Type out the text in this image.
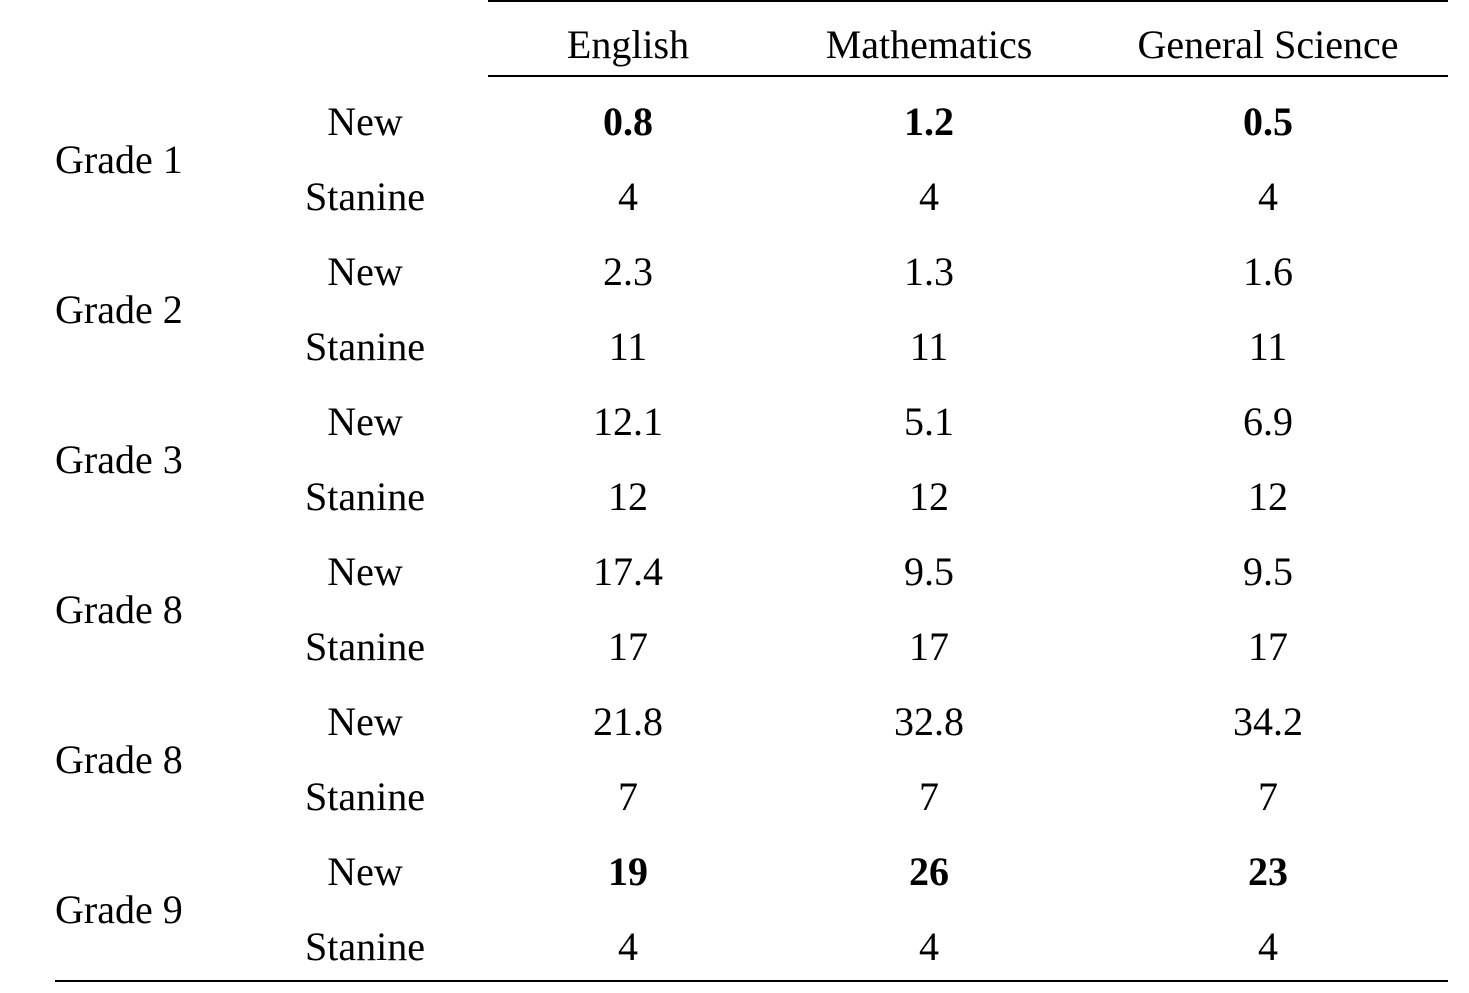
English	Mathematics	General Science
Grade 1
New	0.8	1.2	0.5
Stanine	4	4	4
Grade 2
New	2.3	1.3	1.6
Stanine	11	11	11
Grade 3
New	12.1	5.1	6.9
Stanine	12	12	12
Grade 8
New	17.4	9.5	9.5
Stanine	17	17	17
Grade 8
New	21.8	32.8	34.2
Stanine	7	7	7
Grade 9
New	19	26	23
Stanine	4	4	4
